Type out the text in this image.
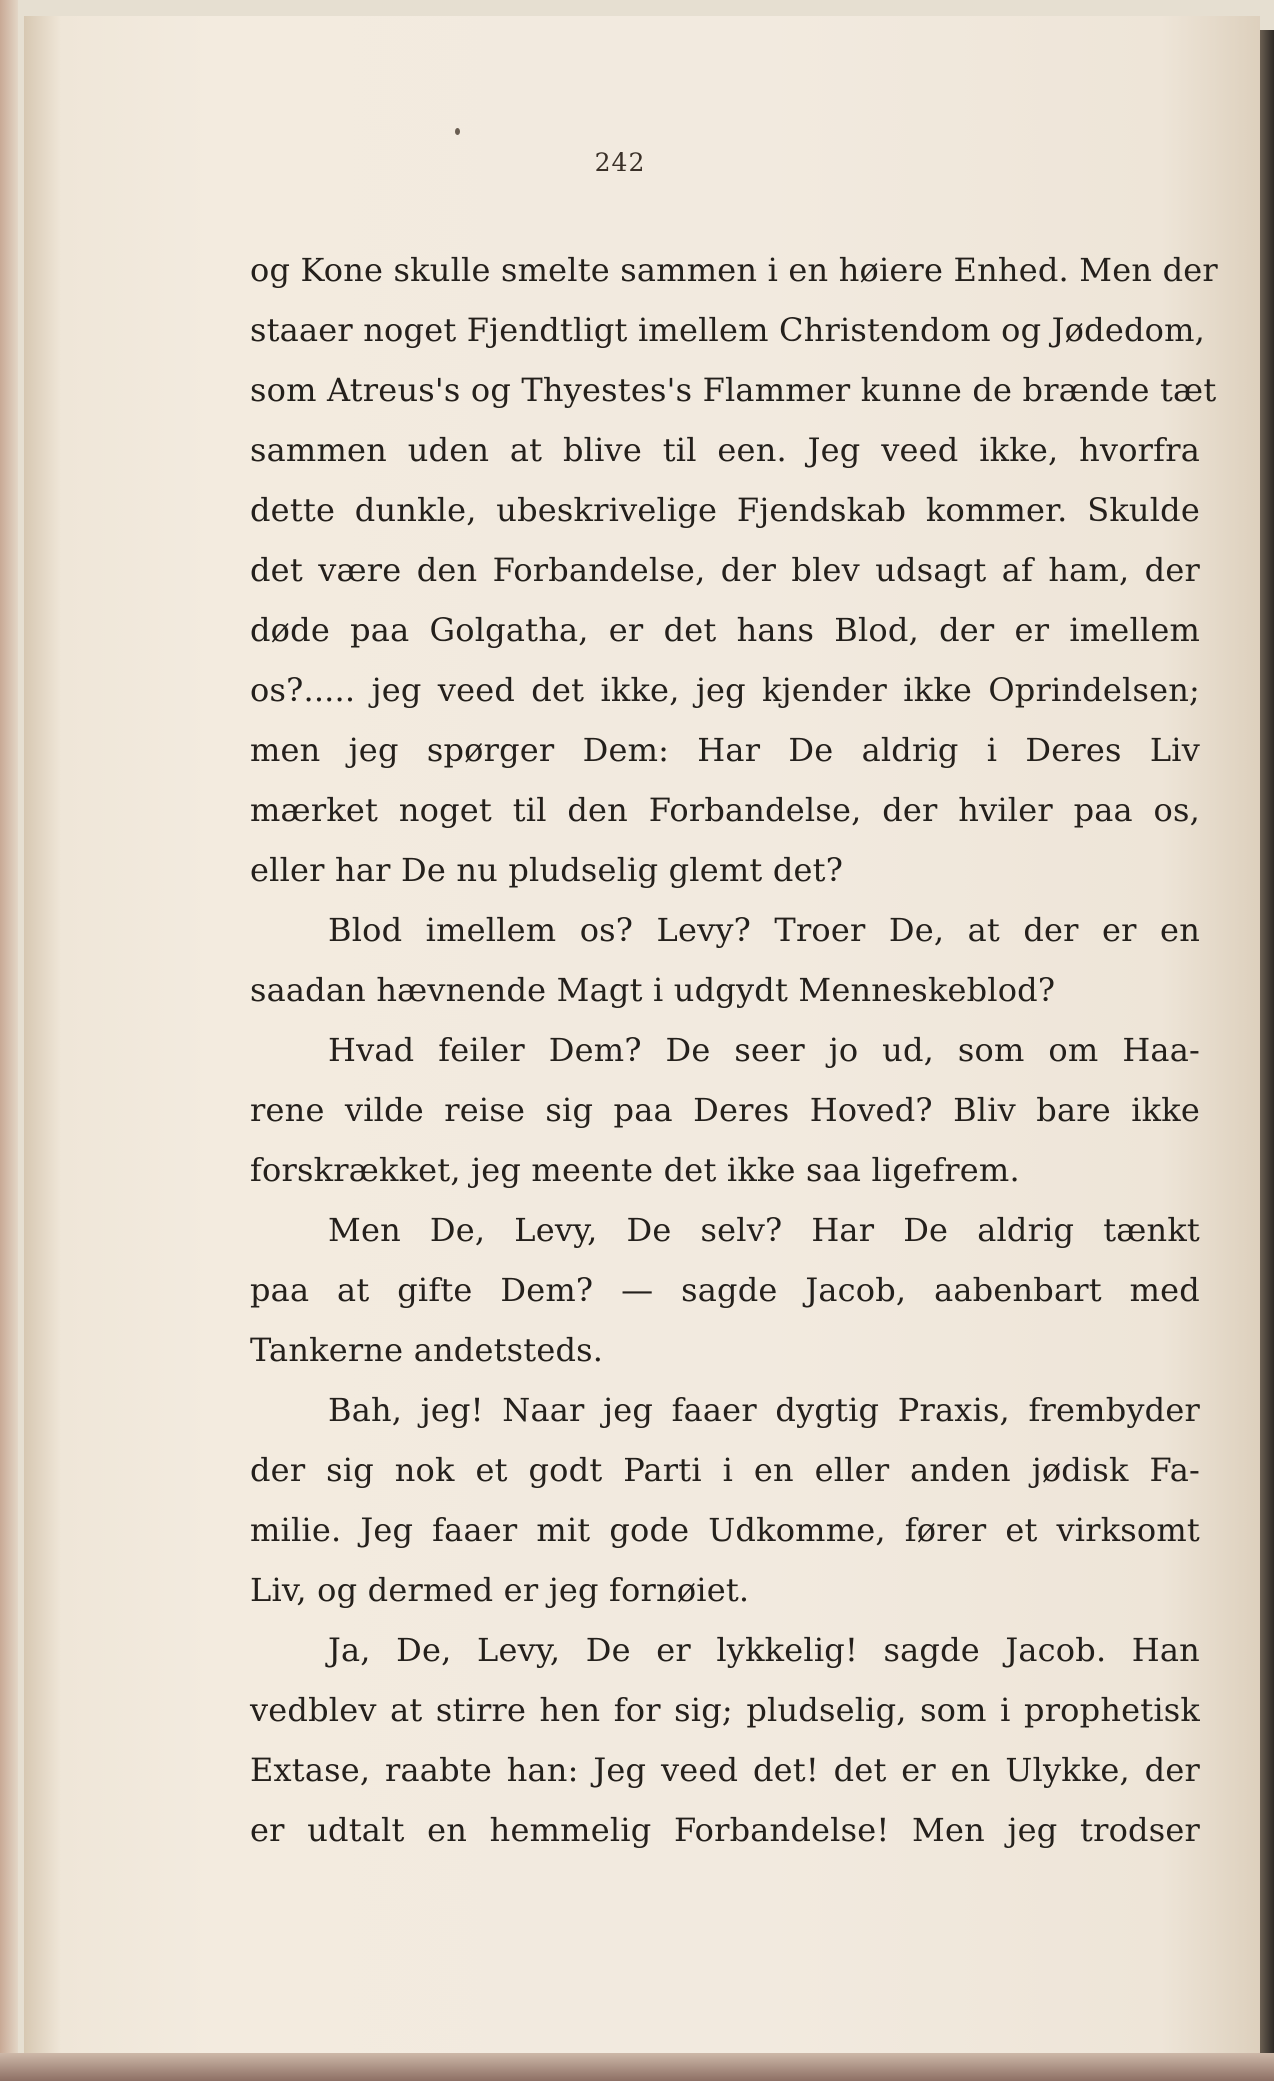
242
og Kone skulle smelte sammen i en høiere Enhed. Men der
staaer noget Fjendtligt imellem Christendom og Jødedom,
som Atreus's og Thyestes's Flammer kunne de brænde tæt
sammen uden at blive til een. Jeg veed ikke, hvorfra
dette dunkle, ubeskrivelige Fjendskab kommer. Skulde
det være den Forbandelse, der blev udsagt af ham, der
døde paa Golgatha, er det hans Blod, der er imellem
os?..... jeg veed det ikke, jeg kjender ikke Oprindelsen;
men jeg spørger Dem: Har De aldrig i Deres Liv
mærket noget til den Forbandelse, der hviler paa os,
eller har De nu pludselig glemt det?
Blod imellem os? Levy? Troer De, at der er en
saadan hævnende Magt i udgydt Menneskeblod?
Hvad feiler Dem? De seer jo ud, som om Haa-
rene vilde reise sig paa Deres Hoved? Bliv bare ikke
forskrækket, jeg meente det ikke saa ligefrem.
Men De, Levy, De selv? Har De aldrig tænkt
paa at gifte Dem? — sagde Jacob, aabenbart med
Tankerne andetsteds.
Bah, jeg! Naar jeg faaer dygtig Praxis, frembyder
der sig nok et godt Parti i en eller anden jødisk Fa-
milie. Jeg faaer mit gode Udkomme, fører et virksomt
Liv, og dermed er jeg fornøiet.
Ja, De, Levy, De er lykkelig! sagde Jacob. Han
vedblev at stirre hen for sig; pludselig, som i prophetisk
Extase, raabte han: Jeg veed det! det er en Ulykke, der
er udtalt en hemmelig Forbandelse! Men jeg trodser
